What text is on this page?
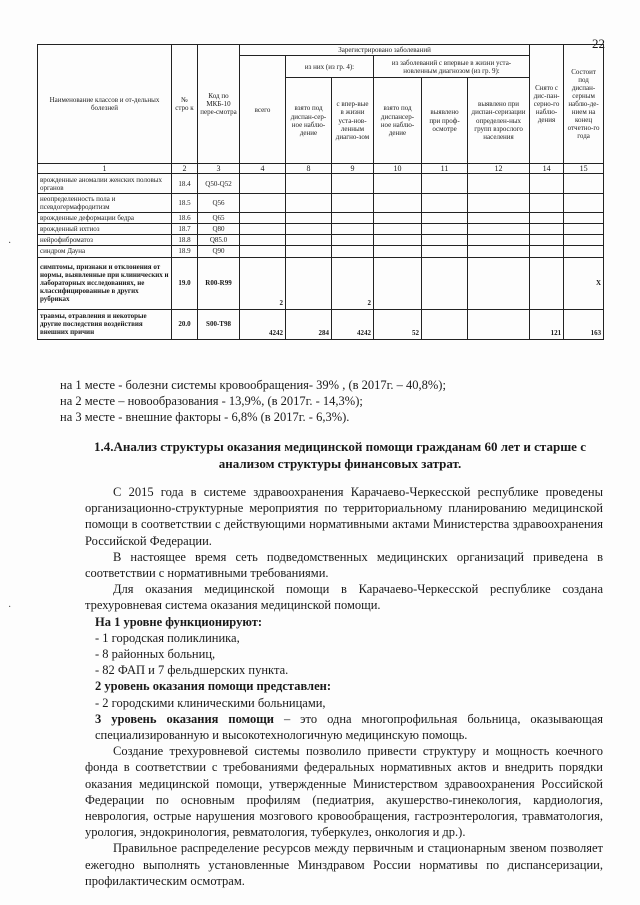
22
·
·
Наименование классов и от-дельных болезней	№ стро к	Код по МКБ-10 пере-смотра	Зарегистрировано заболеваний						Снято с дис-пан-серно-го наблю-дения	Состоит под диспан-серным наблю-де-нием на конец отчетно-го года
			всего	из них (из гр. 4):		из заболеваний с впервые в жизни уста-новленным диагнозом (из гр. 9):				
				взято под диспан-сер-ное наблю-дение	с впер-вые в жизни уста-нов-ленным диагно-зом	взято под диспансер-ное наблю-дение	выявлено при проф-осмотре	выявлено при диспан-серизации определен-ных групп взрослого населения		
1	2	3	4	8	9	10	11	12	14	15
врожденные аномалии женских половых органов	18.4	Q50-Q52								
неопределенность пола и псевдогермафродитизм	18.5	Q56								
врожденные деформации бедра	18.6	Q65								
врожденный ихтиоз	18.7	Q80								
нейрофиброматоз	18.8	Q85.0								
синдром Дауна	18.9	Q90								
симптомы, признаки и отклонения от нормы, выявленные при клинических и лабораторных исследованиях, не классифицированные в других рубриках	19.0	R00-R99	2		2					X
травмы, отравления и некоторые другие последствия воздействия внешних причин	20.0	S00-T98	4242	284	4242	52			121	163
на 1 месте - болезни системы кровообращения- 39% , (в 2017г. – 40,8%);
на 2 месте – новообразования - 13,9%, (в 2017г. - 14,3%);
на 3 месте - внешние факторы - 6,8% (в 2017г. - 6,3%).
1.4.Анализ структуры оказания медицинской помощи гражданам 60 лет и старше с анализом структуры финансовых затрат.

С 2015 года в системе здравоохранения Карачаево-Черкесской республике проведены организационно-структурные мероприятия по территориальному планированию медицинской помощи в соответствии с действующими нормативными актами Министерства здравоохранения Российской Федерации.

В настоящее время сеть подведомственных медицинских организаций приведена в соответствии с нормативными требованиями.

Для оказания медицинской помощи в Карачаево-Черкесской республике создана трехуровневая система оказания медицинской помощи.

На 1 уровне функционируют:

- 1 городская поликлиника,

- 8 районных больниц,

- 82 ФАП и 7 фельдшерских пункта.

2 уровень оказания помощи представлен:

- 2 городскими клиническими больницами,

3 уровень оказания помощи – это одна многопрофильная больница, оказывающая специализированную и высокотехнологичную медицинскую помощь.

Создание трехуровневой системы позволило привести структуру и мощность коечного фонда в соответствии с требованиями федеральных нормативных актов и внедрить порядки оказания медицинской помощи, утвержденные Министерством здравоохранения Российской Федерации по основным профилям (педиатрия, акушерство-гинекология, кардиология, неврология, острые нарушения мозгового кровообращения, гастроэнтерология, травматология, урология, эндокринология, ревматология, туберкулез, онкология и др.).

Правильное распределение ресурсов между первичным и стационарным звеном позволяет ежегодно выполнять установленные Минздравом России нормативы по диспансеризации, профилактическим осмотрам.
